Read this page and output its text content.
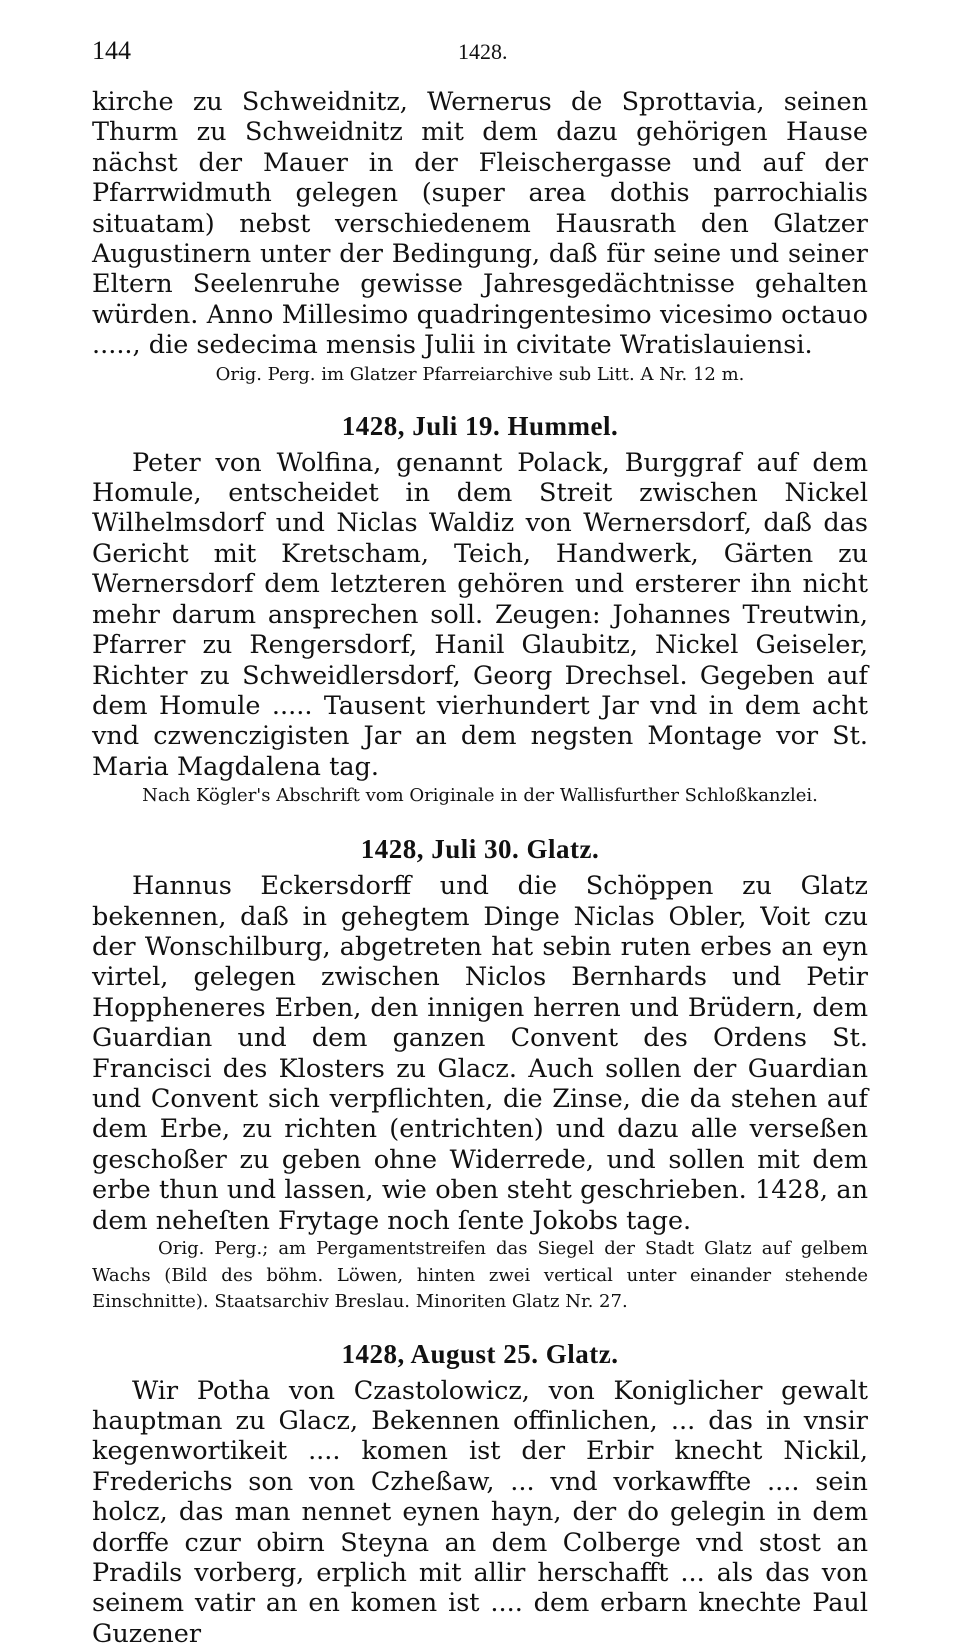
144	1428.

kirche zu Schweidnitz, Wernerus de Sprottavia, seinen Thurm zu Schweidnitz mit dem dazu gehörigen Hause nächst der Mauer in der Fleischergasse und auf der Pfarrwidmuth gelegen (super area dothis parrochialis situatam) nebst verschiedenem Hausrath den Glatzer Augustinern unter der Bedingung, daß für seine und seiner Eltern Seelenruhe gewisse Jahresgedächtnisse gehalten würden. Anno Millesimo quadringentesimo vicesimo octauo ....., die sedecima mensis Julii in civitate Wratislauiensi.

Orig. Perg. im Glatzer Pfarreiarchive sub Litt. A Nr. 12 m.
1428, Juli 19. Hummel.

Peter von Wolfina, genannt Polack, Burggraf auf dem Homule, entscheidet in dem Streit zwischen Nickel Wilhelmsdorf und Niclas Waldiz von Wernersdorf, daß das Gericht mit Kretscham, Teich, Handwerk, Gärten zu Wernersdorf dem letzteren gehören und ersterer ihn nicht mehr darum ansprechen soll. Zeugen: Johannes Treutwin, Pfarrer zu Rengersdorf, Hanil Glaubitz, Nickel Geiseler, Richter zu Schweidlersdorf, Georg Drechsel. Gegeben auf dem Homule ..... Tausent vierhundert Jar vnd in dem acht vnd czwenczigisten Jar an dem negsten Montage vor St. Maria Magdalena tag.

Nach Kögler's Abschrift vom Originale in der Wallisfurther Schloßkanzlei.
1428, Juli 30. Glatz.

Hannus Eckersdorff und die Schöppen zu Glatz bekennen, daß in gehegtem Dinge Niclas Obler, Voit czu der Wonschilburg, abgetreten hat sebin ruten erbes an eyn virtel, gelegen zwischen Niclos Bernhards und Petir Hoppheneres Erben, den innigen herren und Brüdern, dem Guardian und dem ganzen Convent des Ordens St. Francisci des Klosters zu Glacz. Auch sollen der Guardian und Convent sich verpflichten, die Zinse, die da stehen auf dem Erbe, zu richten (entrichten) und dazu alle verseßen geschoßer zu geben ohne Widerrede, und sollen mit dem erbe thun und lassen, wie oben steht geschrieben. 1428, an dem neheſten Frytage noch ſente Jokobs tage.

Orig. Perg.; am Pergamentstreifen das Siegel der Stadt Glatz auf gelbem Wachs (Bild des böhm. Löwen, hinten zwei vertical unter einander stehende Einschnitte). Staatsarchiv Breslau. Minoriten Glatz Nr. 27.
1428, August 25. Glatz.

Wir Potha von Czastolowicz, von Koniglicher gewalt hauptman zu Glacz, Bekennen offinlichen, ... das in vnsir kegenwortikeit .... komen ist der Erbir knecht Nickil, Frederichs son von Czheßaw, ... vnd vorkawffte .... sein holcz, das man nennet eynen hayn, der do gelegin in dem dorffe czur obirn Steyna an dem Colberge vnd stost an Pradils vorberg, erplich mit allir herschafft ... als das von seinem vatir an en komen ist .... dem erbarn knechte Paul Guzener
